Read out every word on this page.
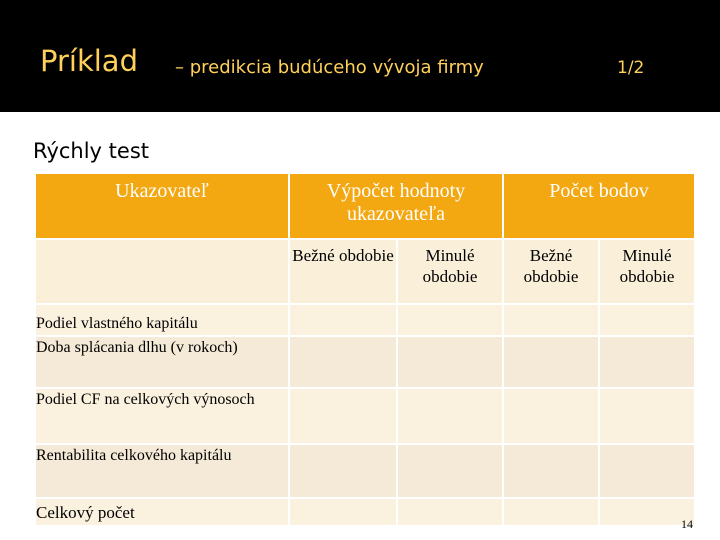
Príklad – predikcia budúceho vývoja firmy	1/2
Rýchly test
Ukazovateľ	Výpočet hodnoty ukazovateľa		Počet bodov	
	Bežné obdobie	Minulé obdobie	Bežné obdobie	Minulé obdobie
Podiel vlastného kapitálu				
Doba splácania dlhu (v rokoch)				
Podiel CF na celkových výnosoch				
Rentabilita celkového kapitálu				
Celkový počet				
14
